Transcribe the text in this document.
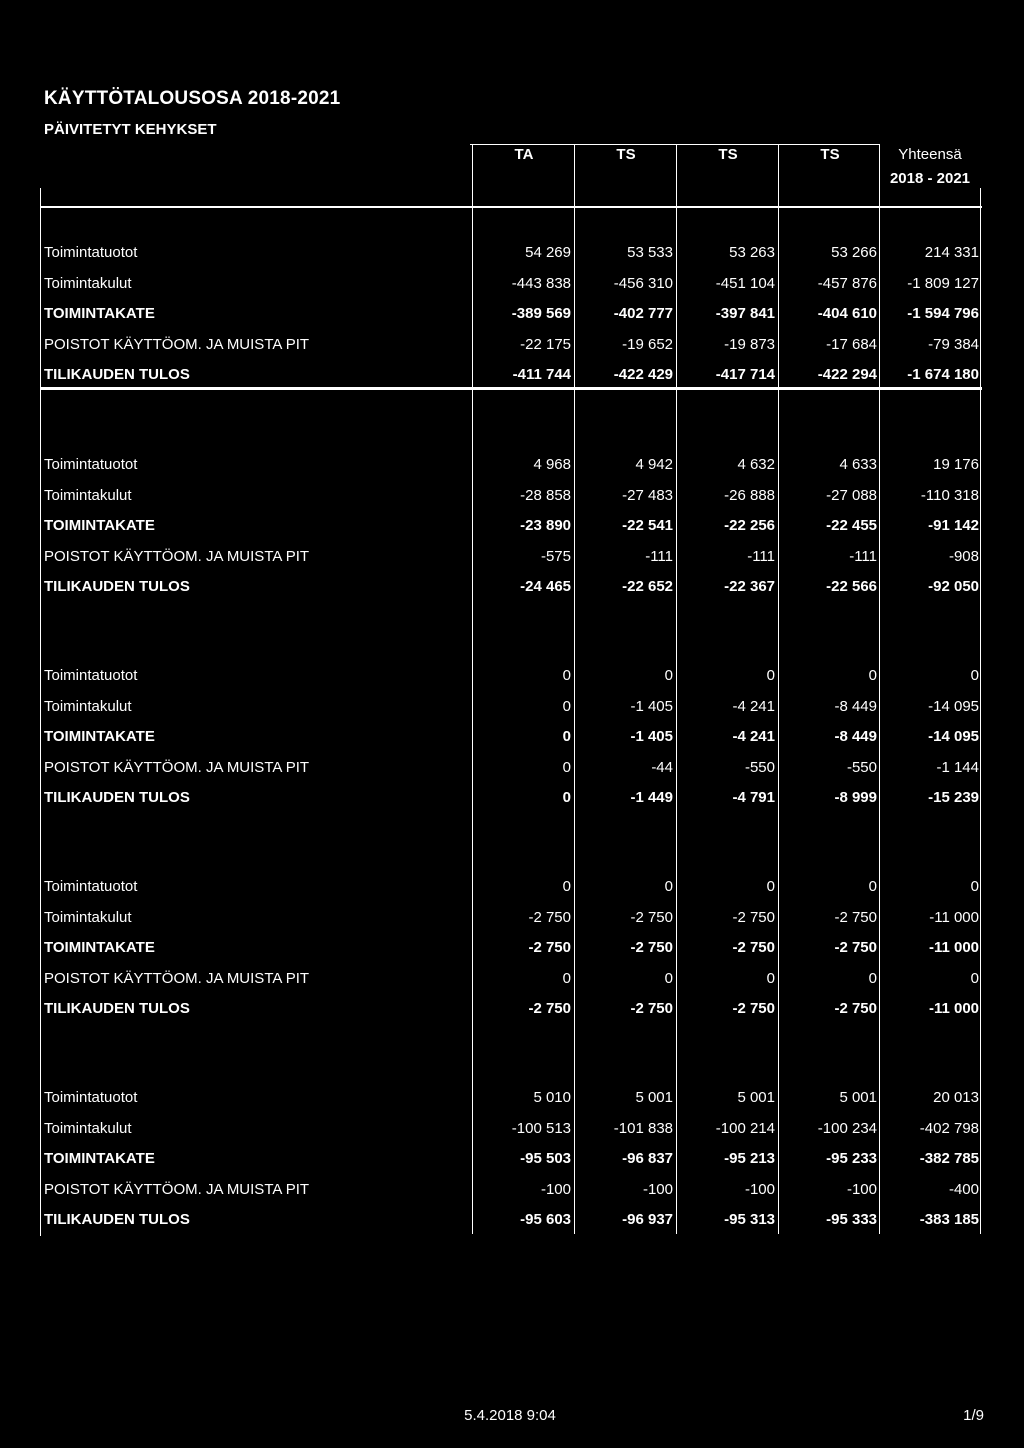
KÄYTTÖTALOUSOSA 2018-2021
PÄIVITETYT KEHYKSET
TA	TS	TS	TS	Yhteensä
2018 - 2021
Toimintatuotot	54 269	53 533	53 263	53 266	214 331
Toimintakulut	-443 838	-456 310	-451 104	-457 876	-1 809 127
TOIMINTAKATE	-389 569	-402 777	-397 841	-404 610	-1 594 796
POISTOT KÄYTTÖOM. JA MUISTA PIT	-22 175	-19 652	-19 873	-17 684	-79 384
TILIKAUDEN TULOS	-411 744	-422 429	-417 714	-422 294	-1 674 180
Toimintatuotot	4 968	4 942	4 632	4 633	19 176
Toimintakulut	-28 858	-27 483	-26 888	-27 088	-110 318
TOIMINTAKATE	-23 890	-22 541	-22 256	-22 455	-91 142
POISTOT KÄYTTÖOM. JA MUISTA PIT	-575	-111	-111	-111	-908
TILIKAUDEN TULOS	-24 465	-22 652	-22 367	-22 566	-92 050
Toimintatuotot	0	0	0	0	0
Toimintakulut	0	-1 405	-4 241	-8 449	-14 095
TOIMINTAKATE	0	-1 405	-4 241	-8 449	-14 095
POISTOT KÄYTTÖOM. JA MUISTA PIT	0	-44	-550	-550	-1 144
TILIKAUDEN TULOS	0	-1 449	-4 791	-8 999	-15 239
Toimintatuotot	0	0	0	0	0
Toimintakulut	-2 750	-2 750	-2 750	-2 750	-11 000
TOIMINTAKATE	-2 750	-2 750	-2 750	-2 750	-11 000
POISTOT KÄYTTÖOM. JA MUISTA PIT	0	0	0	0	0
TILIKAUDEN TULOS	-2 750	-2 750	-2 750	-2 750	-11 000
Toimintatuotot	5 010	5 001	5 001	5 001	20 013
Toimintakulut	-100 513	-101 838	-100 214	-100 234	-402 798
TOIMINTAKATE	-95 503	-96 837	-95 213	-95 233	-382 785
POISTOT KÄYTTÖOM. JA MUISTA PIT	-100	-100	-100	-100	-400
TILIKAUDEN TULOS	-95 603	-96 937	-95 313	-95 333	-383 185
5.4.2018 9:04	1/9
